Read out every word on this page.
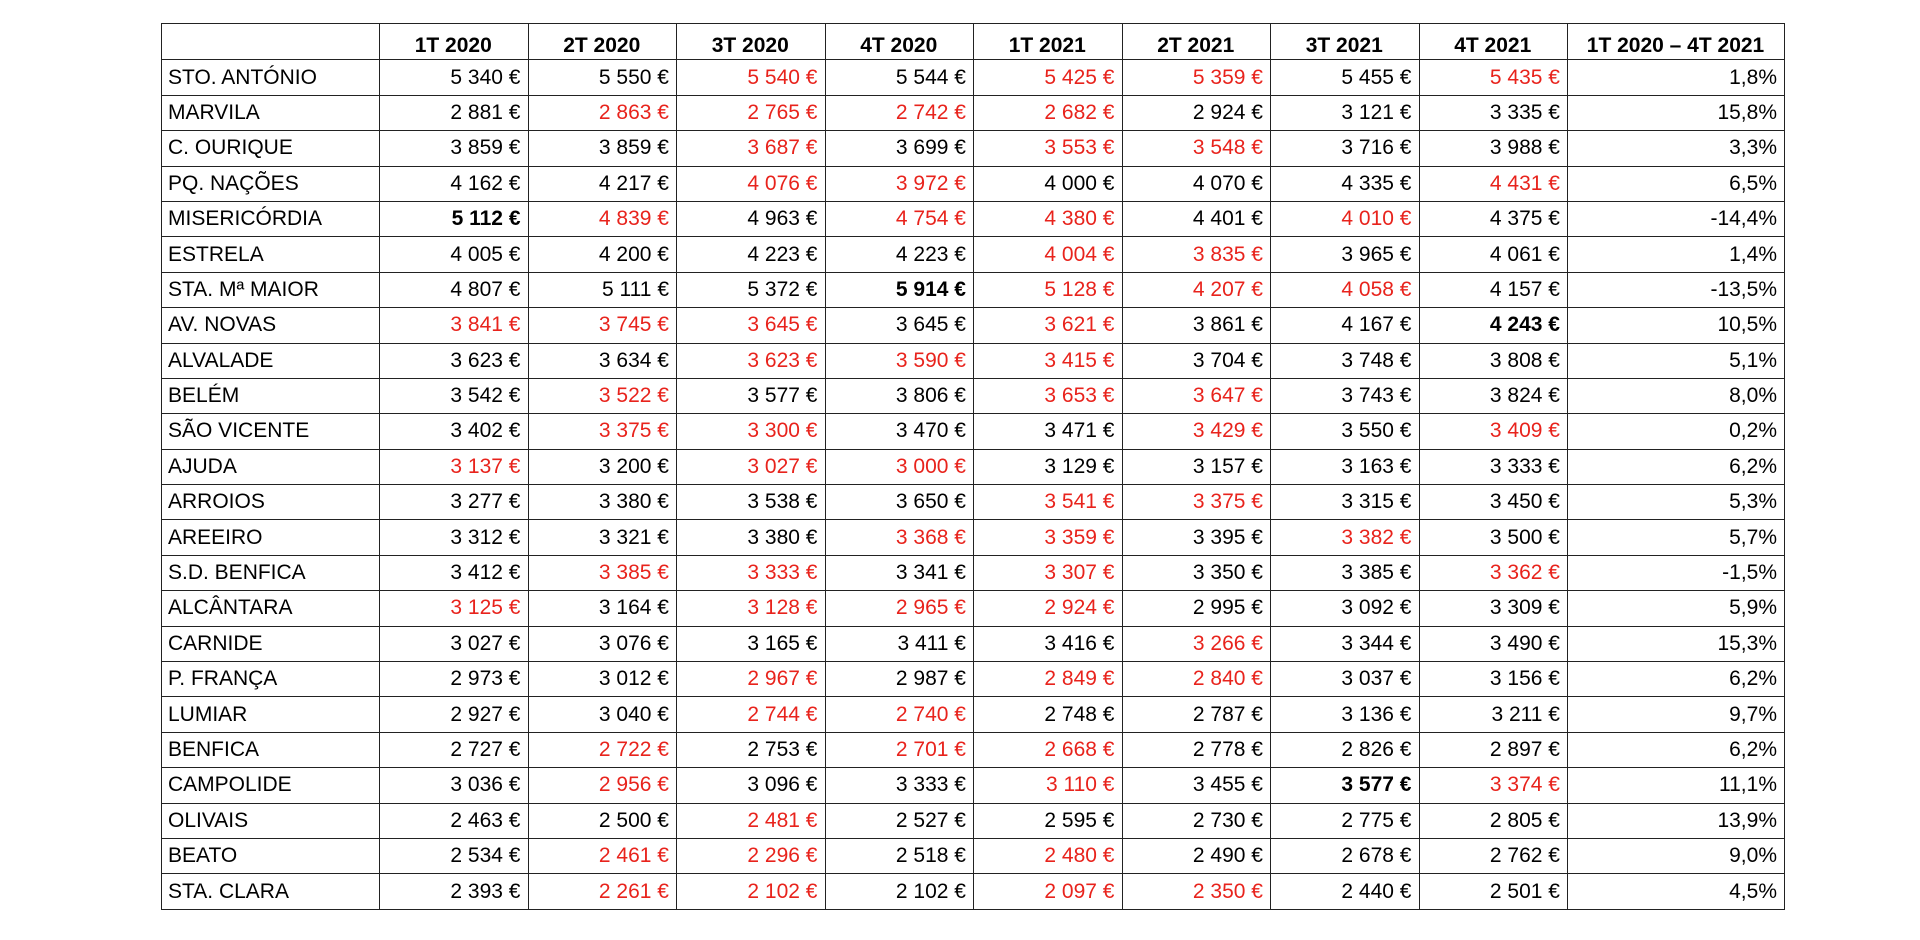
	1T 2020	2T 2020	3T 2020	4T 2020	1T 2021	2T 2021	3T 2021	4T 2021	1T 2020 – 4T 2021
STO. ANTÓNIO	5 340 €	5 550 €	5 540 €	5 544 €	5 425 €	5 359 €	5 455 €	5 435 €	1,8%
MARVILA	2 881 €	2 863 €	2 765 €	2 742 €	2 682 €	2 924 €	3 121 €	3 335 €	15,8%
C. OURIQUE	3 859 €	3 859 €	3 687 €	3 699 €	3 553 €	3 548 €	3 716 €	3 988 €	3,3%
PQ. NAÇÕES	4 162 €	4 217 €	4 076 €	3 972 €	4 000 €	4 070 €	4 335 €	4 431 €	6,5%
MISERICÓRDIA	5 112 €	4 839 €	4 963 €	4 754 €	4 380 €	4 401 €	4 010 €	4 375 €	-14,4%
ESTRELA	4 005 €	4 200 €	4 223 €	4 223 €	4 004 €	3 835 €	3 965 €	4 061 €	1,4%
STA. Mª MAIOR	4 807 €	5 111 €	5 372 €	5 914 €	5 128 €	4 207 €	4 058 €	4 157 €	-13,5%
AV. NOVAS	3 841 €	3 745 €	3 645 €	3 645 €	3 621 €	3 861 €	4 167 €	4 243 €	10,5%
ALVALADE	3 623 €	3 634 €	3 623 €	3 590 €	3 415 €	3 704 €	3 748 €	3 808 €	5,1%
BELÉM	3 542 €	3 522 €	3 577 €	3 806 €	3 653 €	3 647 €	3 743 €	3 824 €	8,0%
SÃO VICENTE	3 402 €	3 375 €	3 300 €	3 470 €	3 471 €	3 429 €	3 550 €	3 409 €	0,2%
AJUDA	3 137 €	3 200 €	3 027 €	3 000 €	3 129 €	3 157 €	3 163 €	3 333 €	6,2%
ARROIOS	3 277 €	3 380 €	3 538 €	3 650 €	3 541 €	3 375 €	3 315 €	3 450 €	5,3%
AREEIRO	3 312 €	3 321 €	3 380 €	3 368 €	3 359 €	3 395 €	3 382 €	3 500 €	5,7%
S.D. BENFICA	3 412 €	3 385 €	3 333 €	3 341 €	3 307 €	3 350 €	3 385 €	3 362 €	-1,5%
ALCÂNTARA	3 125 €	3 164 €	3 128 €	2 965 €	2 924 €	2 995 €	3 092 €	3 309 €	5,9%
CARNIDE	3 027 €	3 076 €	3 165 €	3 411 €	3 416 €	3 266 €	3 344 €	3 490 €	15,3%
P. FRANÇA	2 973 €	3 012 €	2 967 €	2 987 €	2 849 €	2 840 €	3 037 €	3 156 €	6,2%
LUMIAR	2 927 €	3 040 €	2 744 €	2 740 €	2 748 €	2 787 €	3 136 €	3 211 €	9,7%
BENFICA	2 727 €	2 722 €	2 753 €	2 701 €	2 668 €	2 778 €	2 826 €	2 897 €	6,2%
CAMPOLIDE	3 036 €	2 956 €	3 096 €	3 333 €	3 110 €	3 455 €	3 577 €	3 374 €	11,1%
OLIVAIS	2 463 €	2 500 €	2 481 €	2 527 €	2 595 €	2 730 €	2 775 €	2 805 €	13,9%
BEATO	2 534 €	2 461 €	2 296 €	2 518 €	2 480 €	2 490 €	2 678 €	2 762 €	9,0%
STA. CLARA	2 393 €	2 261 €	2 102 €	2 102 €	2 097 €	2 350 €	2 440 €	2 501 €	4,5%
